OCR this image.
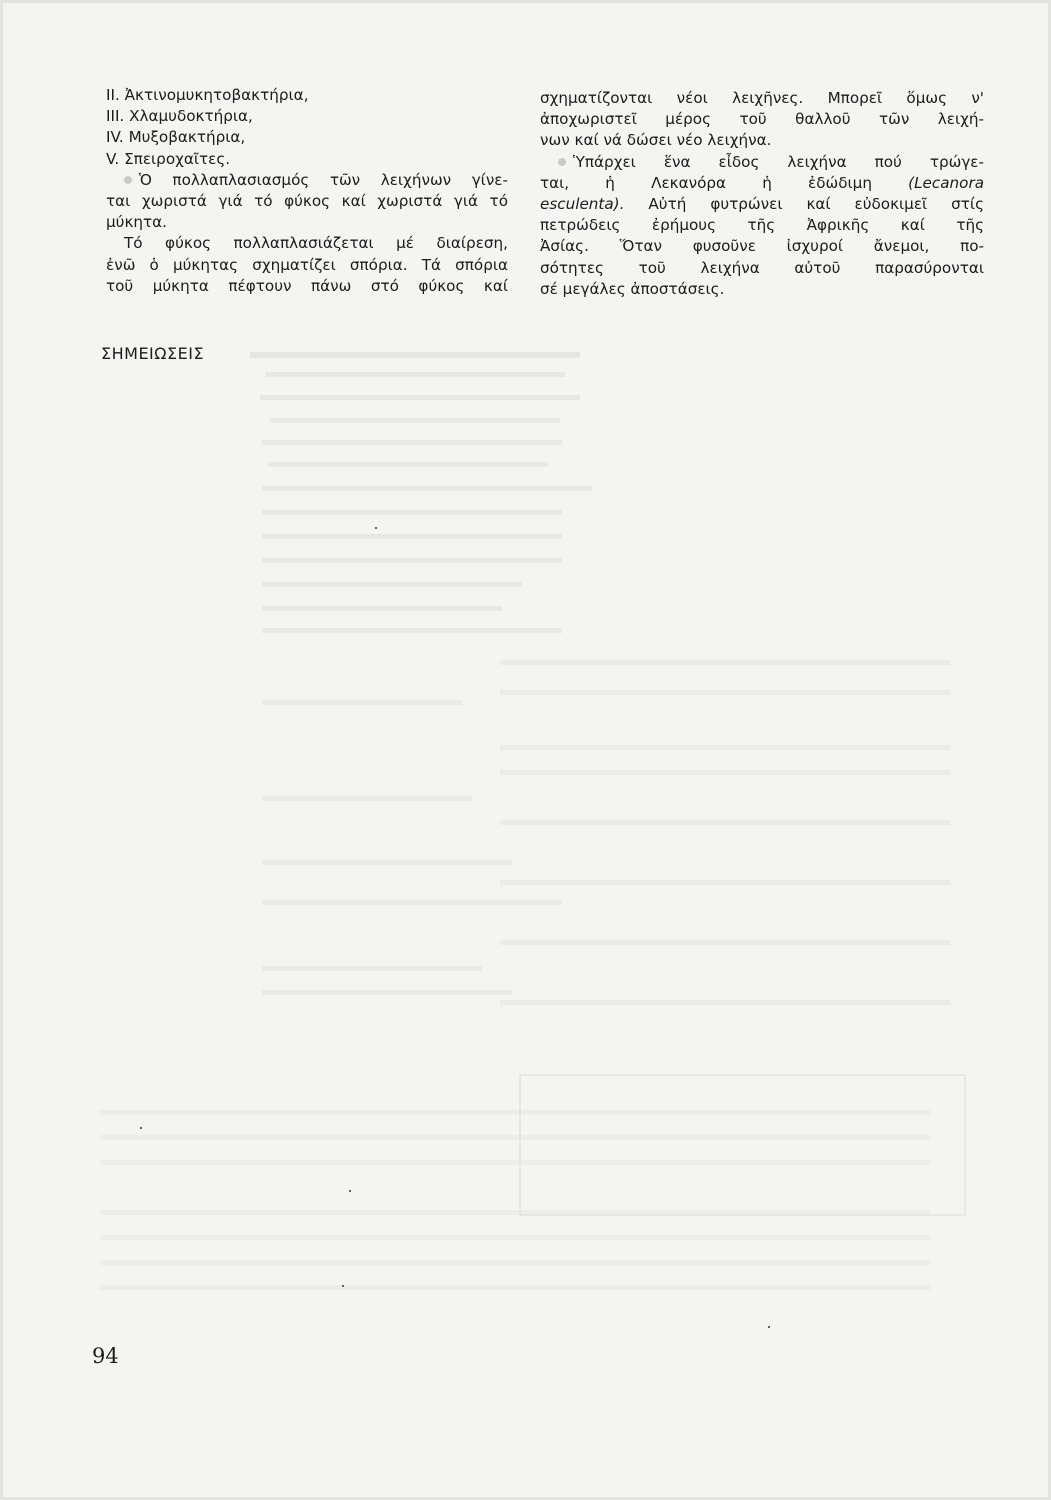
ΙΙ. Ἀκτινομυκητοβακτήρια,
ΙΙΙ. Χλαμυδοκτήρια,
ΙV. Μυξοβακτήρια,
V. Σπειροχαῖτες.
Ὁ πολλαπλασιασμός τῶν λειχήνων γίνε-
ται χωριστά γιά τό φύκος καί χωριστά γιά τό
μύκητα.
Τό φύκος πολλαπλασιάζεται μέ διαίρεση,
ἐνῶ ὁ μύκητας σχηματίζει σπόρια. Τά σπόρια
τοῦ μύκητα πέφτουν πάνω στό φύκος καί
σχηματίζονται νέοι λειχῆνες. Μπορεῖ ὅμως ν'
ἀποχωριστεῖ μέρος τοῦ θαλλοῦ τῶν λειχή-
νων καί νά δώσει νέο λειχήνα.
Ὑπάρχει ἕνα εἶδος λειχήνα πού τρώγε-
ται, ἡ Λεκανόρα ἡ ἐδώδιμη (Lecanora
esculenta). Αὐτή φυτρώνει καί εὐδοκιμεῖ στίς
πετρώδεις ἐρήμους τῆς Ἀφρικῆς καί τῆς
Ἀσίας. Ὅταν φυσοῦνε ἰσχυροί ἄνεμοι, πο-
σότητες τοῦ λειχήνα αὐτοῦ παρασύρονται
σέ μεγάλες ἀποστάσεις.
ΣΗΜΕΙΩΣΕΙΣ
94
